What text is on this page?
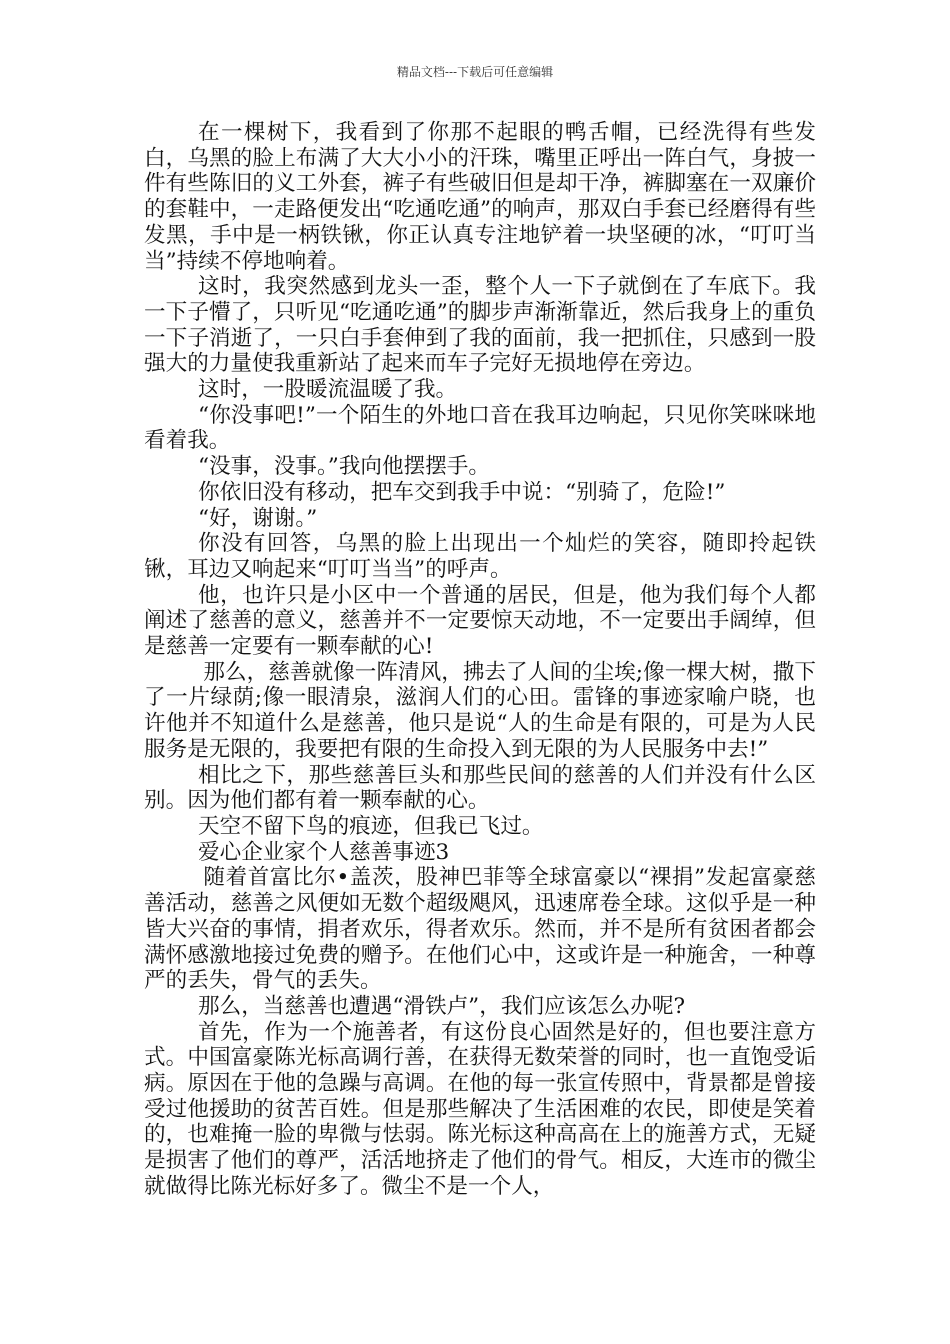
精品文档---下载后可任意编辑

在一棵树下，我看到了你那不起眼的鸭舌帽，已经洗得有些发白，乌黑的脸上布满了大大小小的汗珠，嘴里正呼出一阵白气，身披一件有些陈旧的义工外套，裤子有些破旧但是却干净，裤脚塞在一双廉价的套鞋中，一走路便发出“吃通吃通”的响声，那双白手套已经磨得有些发黑，手中是一柄铁锹，你正认真专注地铲着一块坚硬的冰，“叮叮当当”持续不停地响着。

这时，我突然感到龙头一歪，整个人一下子就倒在了车底下。我一下子懵了，只听见“吃通吃通”的脚步声渐渐靠近，然后我身上的重负一下子消逝了，一只白手套伸到了我的面前，我一把抓住，只感到一股强大的力量使我重新站了起来而车子完好无损地停在旁边。

这时，一股暖流温暖了我。

“你没事吧!”一个陌生的外地口音在我耳边响起，只见你笑咪咪地看着我。

“没事，没事。”我向他摆摆手。

你依旧没有移动，把车交到我手中说：“别骑了，危险!”

“好，谢谢。”

你没有回答，乌黑的脸上出现出一个灿烂的笑容，随即拎起铁锹，耳边又响起来“叮叮当当”的呼声。

他，也许只是小区中一个普通的居民，但是，他为我们每个人都阐述了慈善的意义，慈善并不一定要惊天动地，不一定要出手阔绰，但是慈善一定要有一颗奉献的心!

那么，慈善就像一阵清风，拂去了人间的尘埃;像一棵大树，撒下了一片绿荫;像一眼清泉，滋润人们的心田。雷锋的事迹家喻户晓，也许他并不知道什么是慈善，他只是说“人的生命是有限的，可是为人民服务是无限的，我要把有限的生命投入到无限的为人民服务中去!”

相比之下，那些慈善巨头和那些民间的慈善的人们并没有什么区别。因为他们都有着一颗奉献的心。

天空不留下鸟的痕迹，但我已飞过。

爱心企业家个人慈善事迹3

随着首富比尔•盖茨，股神巴菲等全球富豪以“裸捐”发起富豪慈善活动，慈善之风便如无数个超级飓风，迅速席卷全球。这似乎是一种皆大兴奋的事情，捐者欢乐，得者欢乐。然而，并不是所有贫困者都会满怀感激地接过免费的赠予。在他们心中，这或许是一种施舍，一种尊严的丢失，骨气的丢失。

那么，当慈善也遭遇“滑铁卢”，我们应该怎么办呢?

首先，作为一个施善者，有这份良心固然是好的，但也要注意方式。中国富豪陈光标高调行善，在获得无数荣誉的同时，也一直饱受诟病。原因在于他的急躁与高调。在他的每一张宣传照中，背景都是曾接受过他援助的贫苦百姓。但是那些解决了生活困难的农民，即使是笑着的，也难掩一脸的卑微与怯弱。陈光标这种高高在上的施善方式，无疑是损害了他们的尊严，活活地挤走了他们的骨气。相反，大连市的微尘就做得比陈光标好多了。微尘不是一个人，
